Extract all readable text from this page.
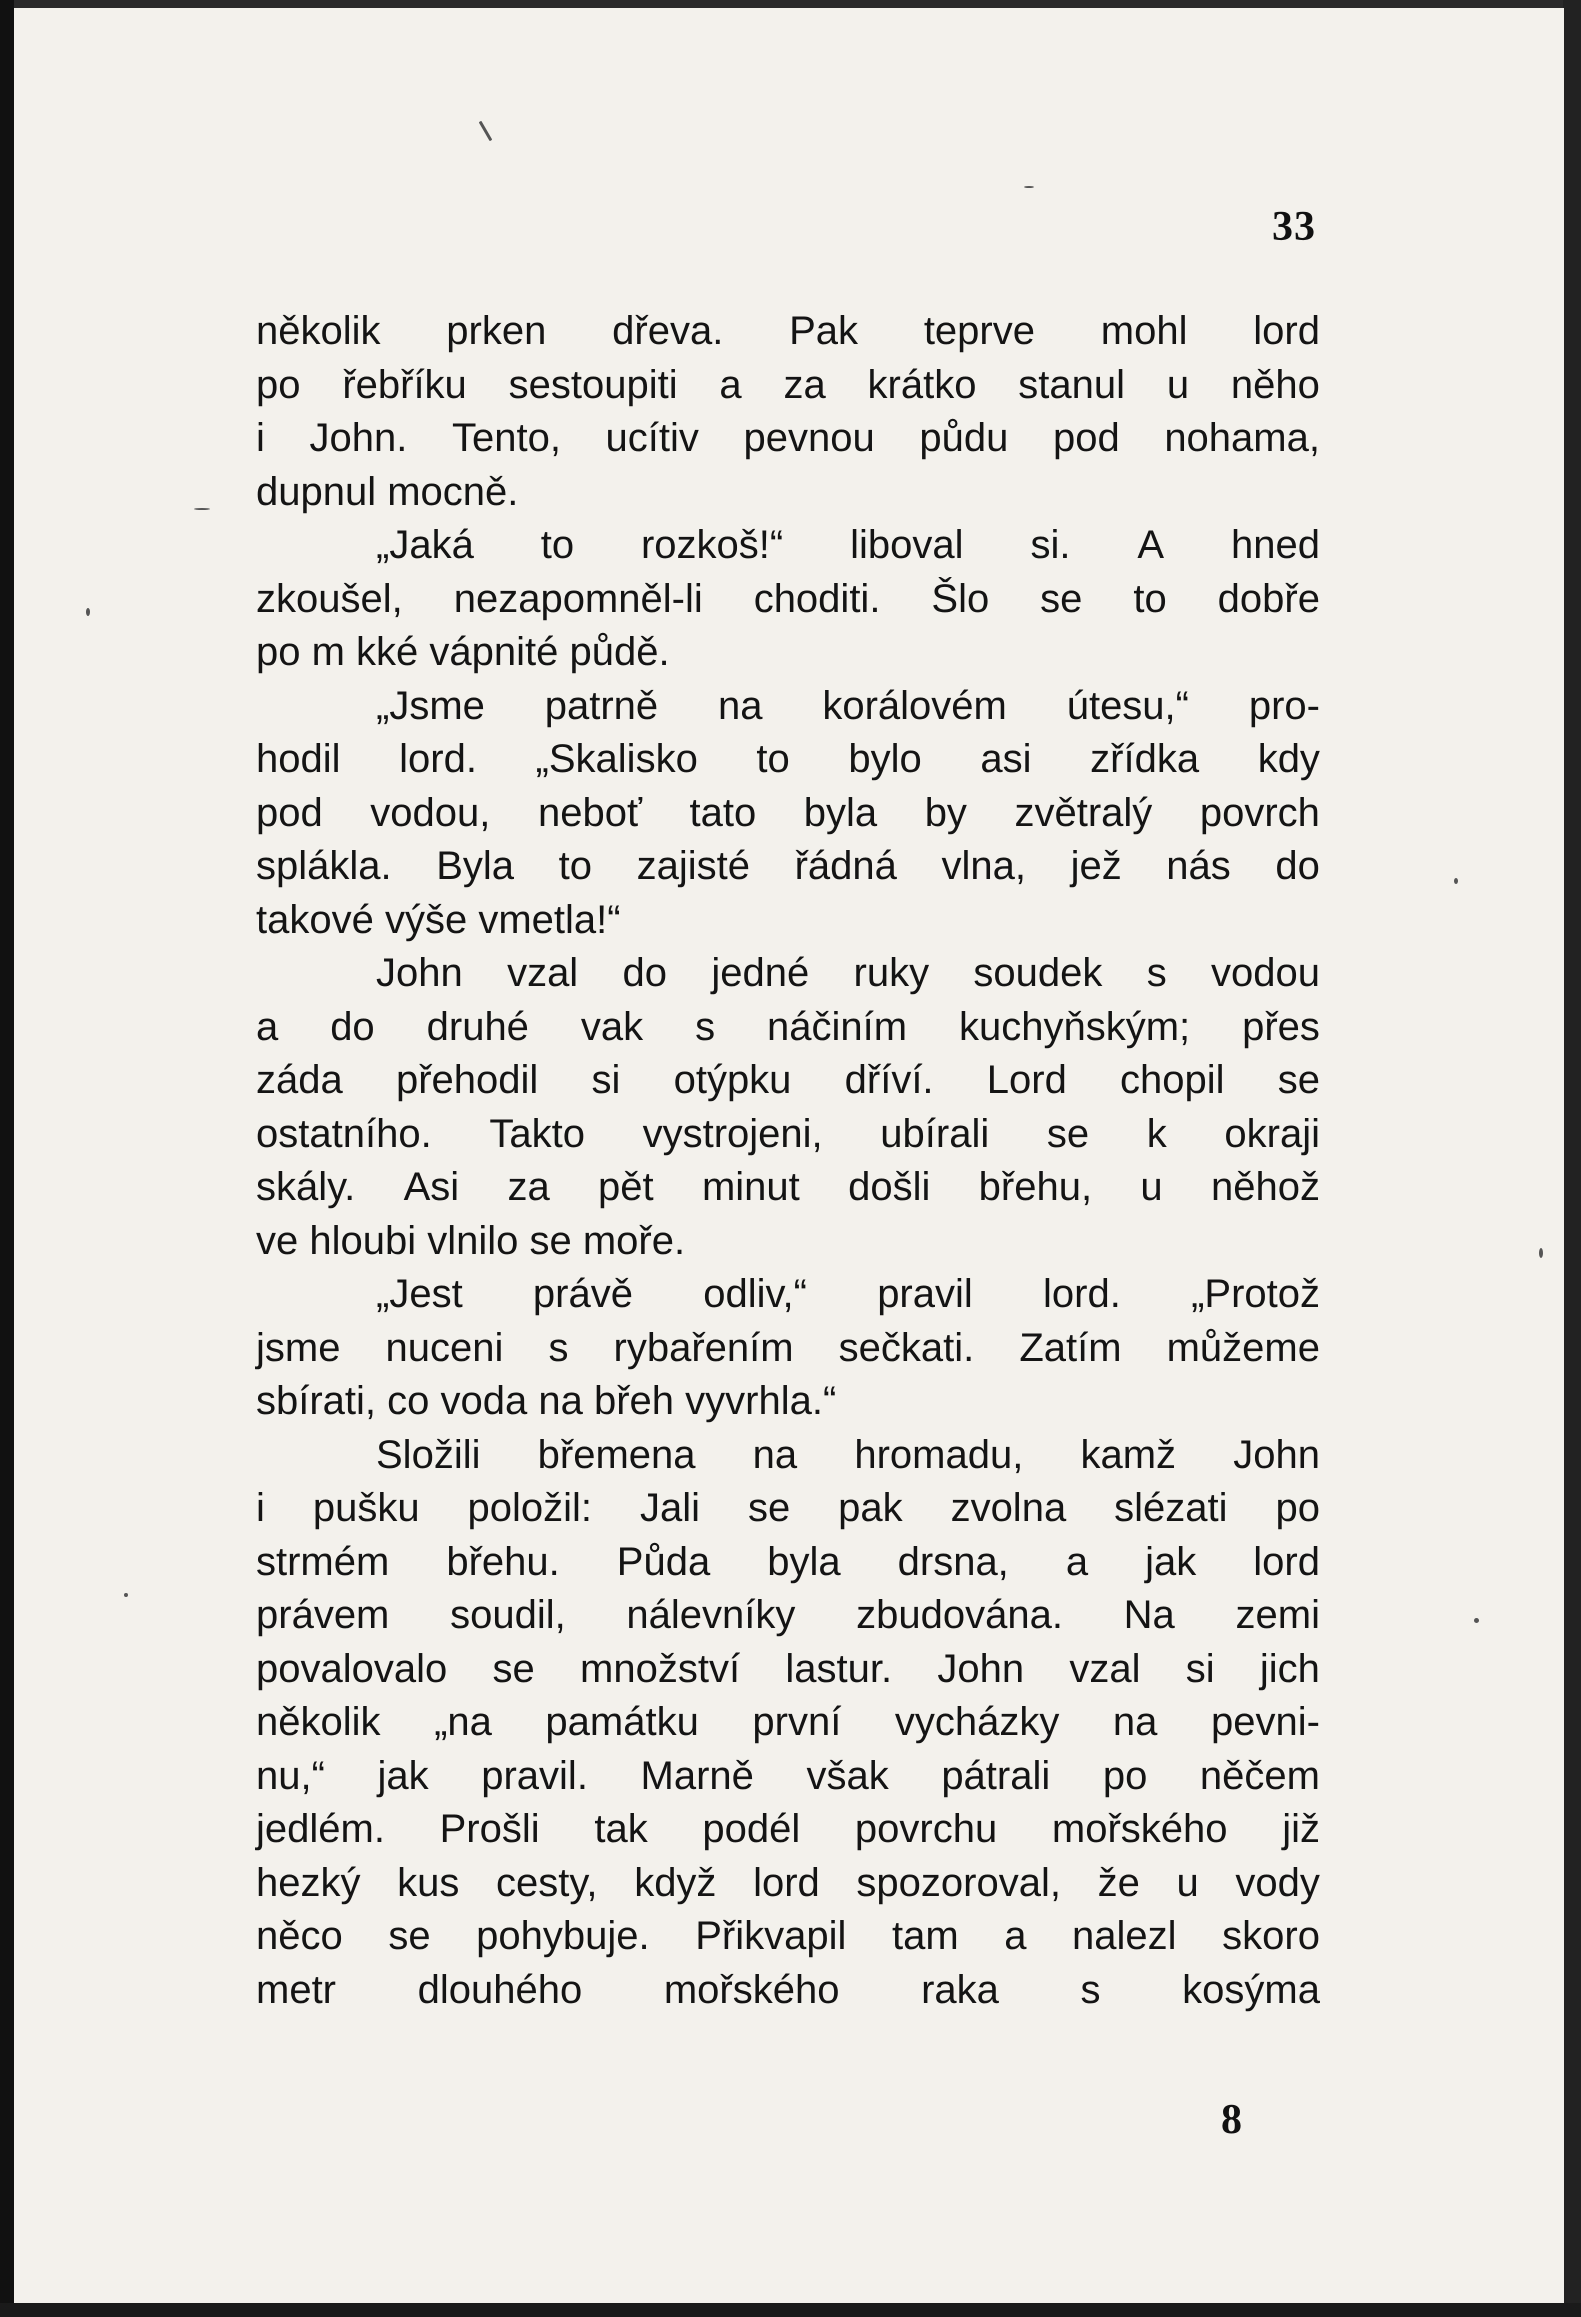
33
několik prken dřeva. Pak teprve mohl lord
po řebříku sestoupiti a za krátko stanul u něho
i John. Tento, ucítiv pevnou půdu pod nohama,
dupnul mocně.
„Jaká to rozkoš!“ liboval si. A hned
zkoušel, nezapomněl-li choditi. Šlo se to dobře
po m kké vápnité půdě.
„Jsme patrně na korálovém útesu,“ pro-
hodil lord. „Skalisko to bylo asi zřídka kdy
pod vodou, neboť tato byla by zvětralý povrch
spláklа. Byla to zajisté řádná vlna, jež nás do
takové výše vmetla!“
John vzal do jedné ruky soudek s vodou
a do druhé vak s náčiním kuchyňským; přes
záda přehodil si otýpku dříví. Lord chopil se
ostatního. Takto vystrojeni, ubírali se k okraji
skály. Asi za pět minut došli břehu, u něhož
ve hloubi vlnilo se moře.
„Jest právě odliv,“ pravil lord. „Protož
jsme nuceni s rybařením sečkati. Zatím můžeme
sbírati, co voda na břeh vyvrhla.“
Složili břemena na hromadu, kamž John
i pušku položil: Jali se pak zvolna slézati po
strmém břehu. Půda byla drsna, a jak lord
právem soudil, nálevníky zbudována. Na zemi
povalovalo se množství lastur. John vzal si jich
několik „na památku první vycházky na pevni-
nu,“ jak pravil. Marně však pátrali po něčem
jedlém. Prošli tak podél povrchu mořského již
hezký kus cesty, když lord spozoroval, že u vody
něco se pohybuje. Přikvapil tam a nalezl skoro
metr dlouhého mořského raka s kosýma
8
